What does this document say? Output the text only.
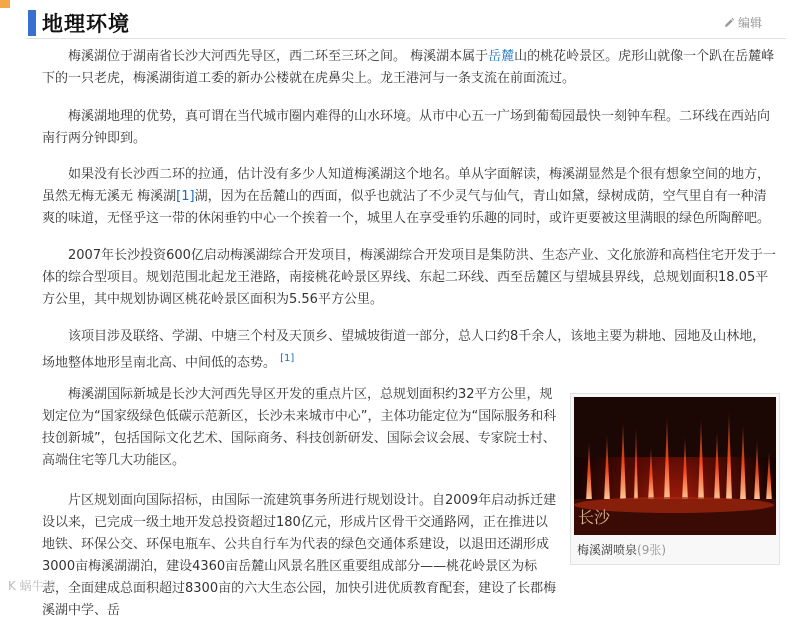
地理环境	编辑

梅溪湖位于湖南省长沙大河西先导区，西二环至三环之间。 梅溪湖本属于岳麓山的桃花岭景区。虎形山就像一个趴在岳麓峰下的一只老虎，梅溪湖街道工委的新办公楼就在虎鼻尖上。龙王港河与一条支流在前面流过。

梅溪湖地理的优势，真可谓在当代城市圈内难得的山水环境。从市中心五一广场到葡萄园最快一刻钟车程。二环线在西站向南行两分钟即到。

如果没有长沙西二环的拉通，估计没有多少人知道梅溪湖这个地名。单从字面解读，梅溪湖显然是个很有想象空间的地方，虽然无梅无溪无 梅溪湖[1]湖，因为在岳麓山的西面，似乎也就沾了不少灵气与仙气，青山如黛，绿树成荫，空气里自有一种清爽的味道，无怪乎这一带的休闲垂钓中心一个挨着一个，城里人在享受垂钓乐趣的同时，或许更要被这里满眼的绿色所陶醉吧。

2007年长沙投资600亿启动梅溪湖综合开发项目，梅溪湖综合开发项目是集防洪、生态产业、文化旅游和高档住宅开发于一体的综合型项目。规划范围北起龙王港路，南接桃花岭景区界线、东起二环线、西至岳麓区与望城县界线，总规划面积18.05平方公里，其中规划协调区桃花岭景区面积为5.56平方公里。

该项目涉及联络、学湖、中塘三个村及天顶乡、望城坡街道一部分，总人口约8千余人，该地主要为耕地、园地及山林地，场地整体地形呈南北高、中间低的态势。 [1]

梅溪湖国际新城是长沙大河西先导区开发的重点片区，总规划面积约32平方公里，规划定位为“国家级绿色低碳示范新区，长沙未来城市中心”，主体功能定位为“国际服务和科技创新城”，包括国际文化艺术、国际商务、科技创新研发、国际会议会展、专家院士村、高端住宅等几大功能区。

片区规划面向国际招标，由国际一流建筑事务所进行规划设计。自2009年启动拆迁建设以来，已完成一级土地开发总投资超过180亿元，形成片区骨干交通路网，正在推进以地铁、环保公交、环保电瓶车、公共自行车为代表的绿色交通体系建设，以退田还湖形成3000亩梅溪湖湖泊，建设4360亩岳麓山风景名胜区重要组成部分——桃花岭景区为标志，全面建成总面积超过8300亩的六大生态公园，加快引进优质教育配套，建设了长郡梅溪湖中学、岳

长沙
梅溪湖喷泉(9张)
K 蜗牛游
